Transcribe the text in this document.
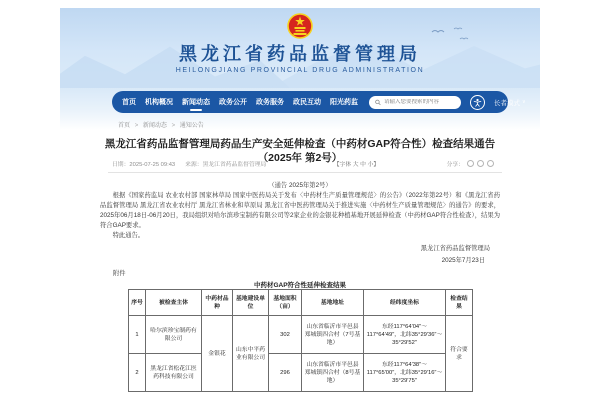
黑龙江省药品监督管理局
HEILONGJIANG PROVINCIAL DRUG ADMINISTRATION
首页 机构概况 新闻动态 政务公开 政务服务 政民互动 阳光药监
请输入您要搜索的内容	长者模式 ∨
首页 > 新闻动态 > 通知公告
黑龙江省药品监督管理局药品生产安全延伸检查（中药材GAP符合性）检查结果通告（2025年 第2号）
日期：2025-07-25 09:43 来源：黑龙江省药品监督管理局	【字体 大 中 小】	分享：
（通告 2025年第2号）

根据《国家药监局 农业农村部 国家林草局 国家中医药局关于发布〈中药材生产质量管理规范〉的公告》（2022年第22号）和《黑龙江省药品监督管理局 黑龙江省农业农村厅 黑龙江省林业和草原局 黑龙江省中医药管理局关于推进实施〈中药材生产质量管理规范〉的通告》的要求，2025年06月18日-06月20日，我局组织对哈尔滨珍宝制药有限公司等2家企业的金银花种植基地开展延伸检查（中药材GAP符合性检查），结果为符合GAP要求。

特此通告。

黑龙江省药品监督管理局
2025年7月23日
附件
中药材GAP符合性延伸检查结果
序号	被检查主体	中药材品种	基地建设单位	基地面积（亩）	基地地址	经纬度坐标	检查结果
1	哈尔滨珍宝制药有限公司	金银花	山东中平药业有限公司	302	山东省临沂市平邑县郑城镇四合村（7号基地）	东经117°64′04″～117°64′49″，北纬35°29′36″～35°29′52″	符合要求
2	黑龙江省松花江医药科技有限公司			296	山东省临沂市平邑县郑城镇四合村（8号基地）	东经117°64′38″～117°65′00″，北纬35°29′16″～35°29′75″	
